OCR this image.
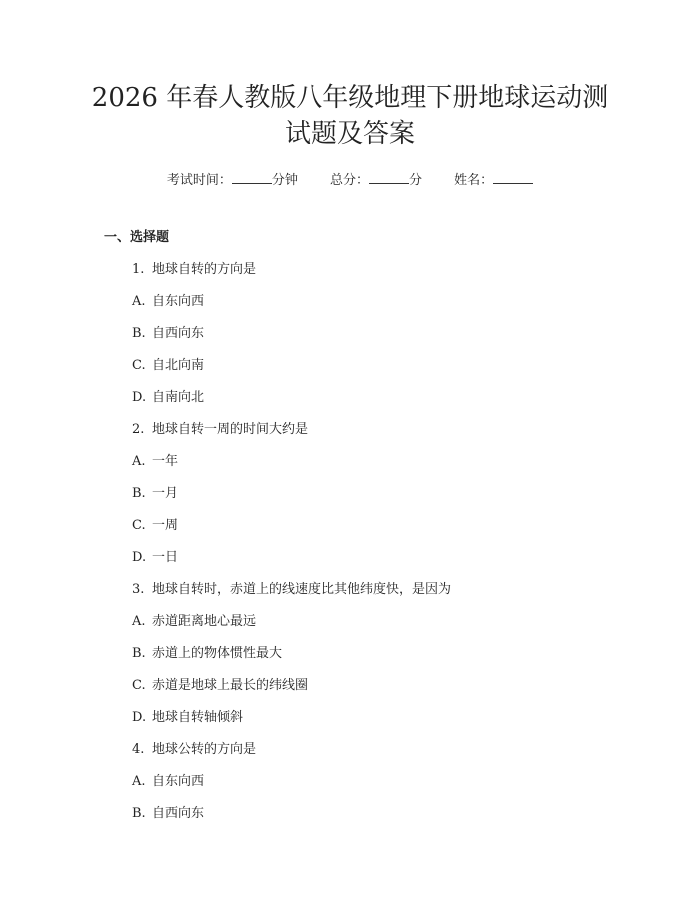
2026 年春人教版八年级地理下册地球运动测
试题及答案
考试时间：	分钟 总分：	分 姓名：
一、选择题
1. 地球自转的方向是
A. 自东向西
B. 自西向东
C. 自北向南
D. 自南向北
2. 地球自转一周的时间大约是
A. 一年
B. 一月
C. 一周
D. 一日
3. 地球自转时，赤道上的线速度比其他纬度快，是因为
A. 赤道距离地心最远
B. 赤道上的物体惯性最大
C. 赤道是地球上最长的纬线圈
D. 地球自转轴倾斜
4. 地球公转的方向是
A. 自东向西
B. 自西向东
